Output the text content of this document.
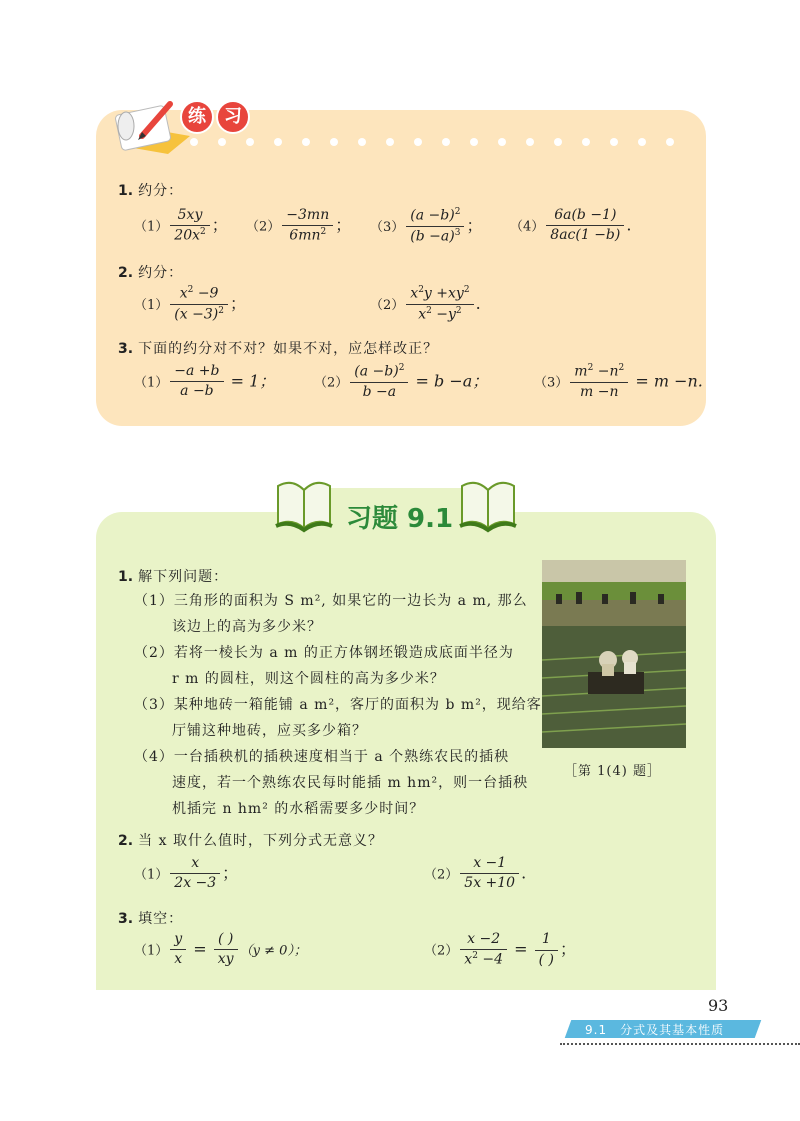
练	习
1. 约分：
$(1) \frac{5xy}{20x^2}$ ； $(2) \frac{-3mn}{6mn^2}$ ； $(3) \frac{(a -b)^2}{(b -a)^3}$ ； $(4) \frac{6a(b -1)}{8ac(1 -b)}$ .
2. 约分：
$(1) \frac{x^2 -9}{(x -3)^2}$ ；	$(2) \frac{x^2y +xy^2}{x^2 -y^2}$ .
3. 下面的约分对不对？如果不对，应怎样改正？
$(1) \frac{-a +b}{a -b} = 1$；	$(2) \frac{(a -b)^2}{b -a} = b -a$；	$(3) \frac{m^2 -n^2}{m -n} = m -n$.
习题 9.1
1. 解下列问题：
（1）三角形的面积为 S m², 如果它的一边长为 a m, 那么
该边上的高为多少米？
（2）若将一棱长为 a m 的正方体钢坯锻造成底面半径为
r m 的圆柱，则这个圆柱的高为多少米？
（3）某种地砖一箱能铺 a m²，客厅的面积为 b m²，现给客
厅铺这种地砖，应买多少箱？
（4）一台插秧机的插秧速度相当于 a 个熟练农民的插秧
速度，若一个熟练农民每时能插 m hm²，则一台插秧
机插完 n hm² 的水稻需要多少时间？
［第 1(4) 题］
2. 当 x 取什么值时，下列分式无意义？
$(1) \frac{x}{2x -3}$ ；	$(2) \frac{x -1}{5x +10}$ .
3. 填空：
$(1) \frac{y}{x} = \frac{( )}{xy} (y \ne 0)$；	$(2) \frac{x -2}{x^2 -4} = \frac{1}{( )}$ ；
93
9.1　分式及其基本性质
